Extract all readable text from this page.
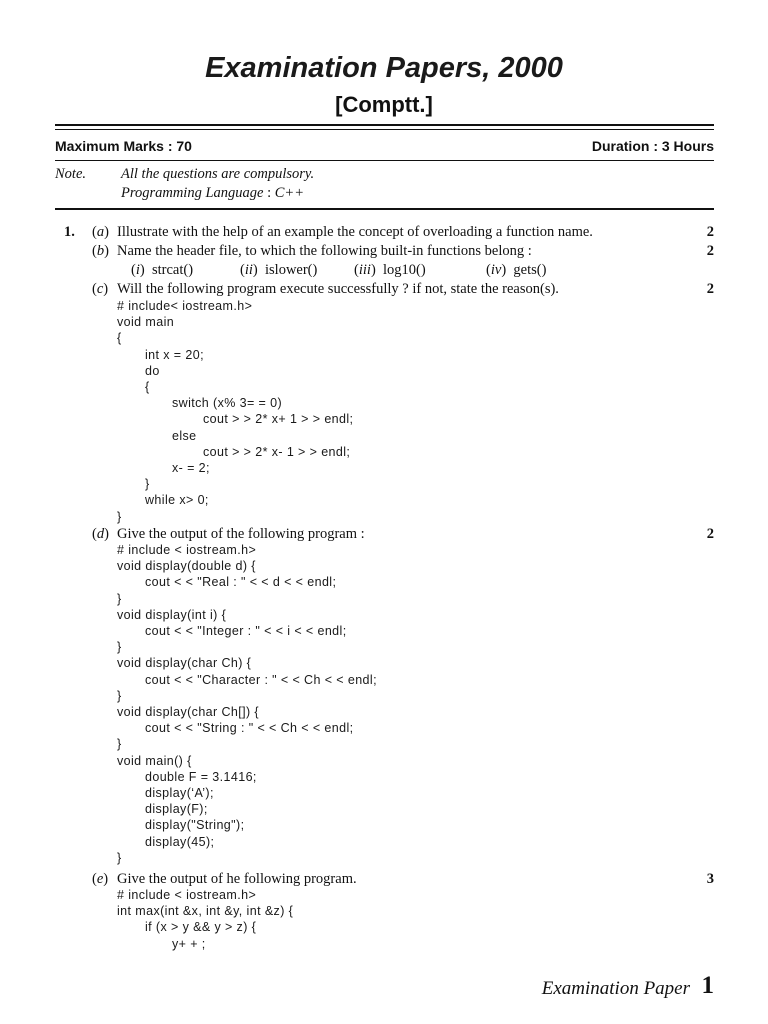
Examination Papers, 2000
[Comptt.]
Maximum Marks : 70	Duration : 3 Hours
Note. All the questions are compulsory.
Programming Language : C++
1. (a) Illustrate with the help of an example the concept of overloading a function name.	2
(b) Name the header file, to which the following built-in functions belong :	2
(i)  strcat()	(ii)  islower()	(iii)  log10()	(iv)  gets()
(c) Will the following program execute successfully ? if not, state the reason(s).	2
# include< iostream.h>
void main
{
int x = 20;
do
{
switch (x% 3= = 0)
cout > > 2* x+ 1 > > endl;
else
cout > > 2* x- 1 > > endl;
x- = 2;
}
while x> 0;
}
(d) Give the output of the following program :	2
# include < iostream.h>
void display(double d) {
cout < < "Real : " < < d < < endl;
}
void display(int i) {
cout < < "Integer : " < < i < < endl;
}
void display(char Ch) {
cout < < "Character : " < < Ch < < endl;
}
void display(char Ch[]) {
cout < < "String : " < < Ch < < endl;
}
void main() {
double F = 3.1416;
display(‘A’);
display(F);
display("String");
display(45);
}
(e) Give the output of he following program.	3
# include < iostream.h>
int max(int &x, int &y, int &z) {
if (x > y && y > z) {
y+ + ;
Examination Paper 1
